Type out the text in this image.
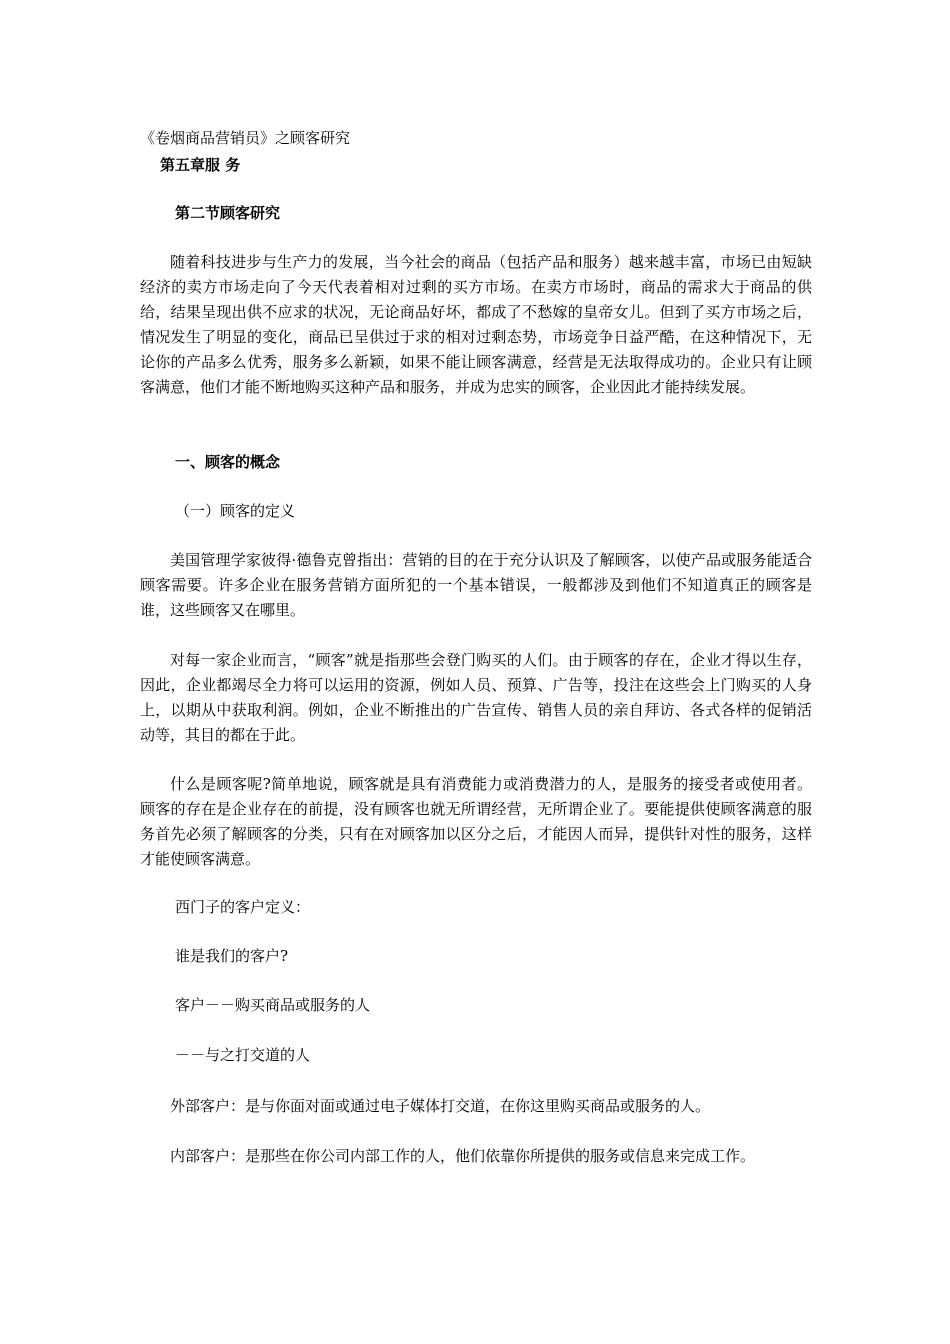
《卷烟商品营销员》之顾客研究

第五章服 务

第二节顾客研究

随着科技进步与生产力的发展，当今社会的商品（包括产品和服务）越来越丰富，市场已由短缺经济的卖方市场走向了今天代表着相对过剩的买方市场。在卖方市场时，商品的需求大于商品的供给，结果呈现出供不应求的状况，无论商品好坏，都成了不愁嫁的皇帝女儿。但到了买方市场之后，情况发生了明显的变化，商品已呈供过于求的相对过剩态势，市场竞争日益严酷，在这种情况下，无论你的产品多么优秀，服务多么新颖，如果不能让顾客满意，经营是无法取得成功的。企业只有让顾客满意，他们才能不断地购买这种产品和服务，并成为忠实的顾客，企业因此才能持续发展。

一、顾客的概念

（一）顾客的定义

美国管理学家彼得·德鲁克曾指出：营销的目的在于充分认识及了解顾客，以使产品或服务能适合顾客需要。许多企业在服务营销方面所犯的一个基本错误，一般都涉及到他们不知道真正的顾客是谁，这些顾客又在哪里。

对每一家企业而言，“顾客”就是指那些会登门购买的人们。由于顾客的存在，企业才得以生存，因此，企业都竭尽全力将可以运用的资源，例如人员、预算、广告等，投注在这些会上门购买的人身上，以期从中获取利润。例如，企业不断推出的广告宣传、销售人员的亲自拜访、各式各样的促销活动等，其目的都在于此。

什么是顾客呢?简单地说，顾客就是具有消费能力或消费潜力的人，是服务的接受者或使用者。 顾客的存在是企业存在的前提，没有顾客也就无所谓经营，无所谓企业了。要能提供使顾客满意的服务首先必须了解顾客的分类，只有在对顾客加以区分之后，才能因人而异，提供针对性的服务，这样才能使顾客满意。

西门子的客户定义：

谁是我们的客户?

客户－－购买商品或服务的人

－－与之打交道的人

外部客户：是与你面对面或通过电子媒体打交道，在你这里购买商品或服务的人。

内部客户：是那些在你公司内部工作的人，他们依靠你所提供的服务或信息来完成工作。
